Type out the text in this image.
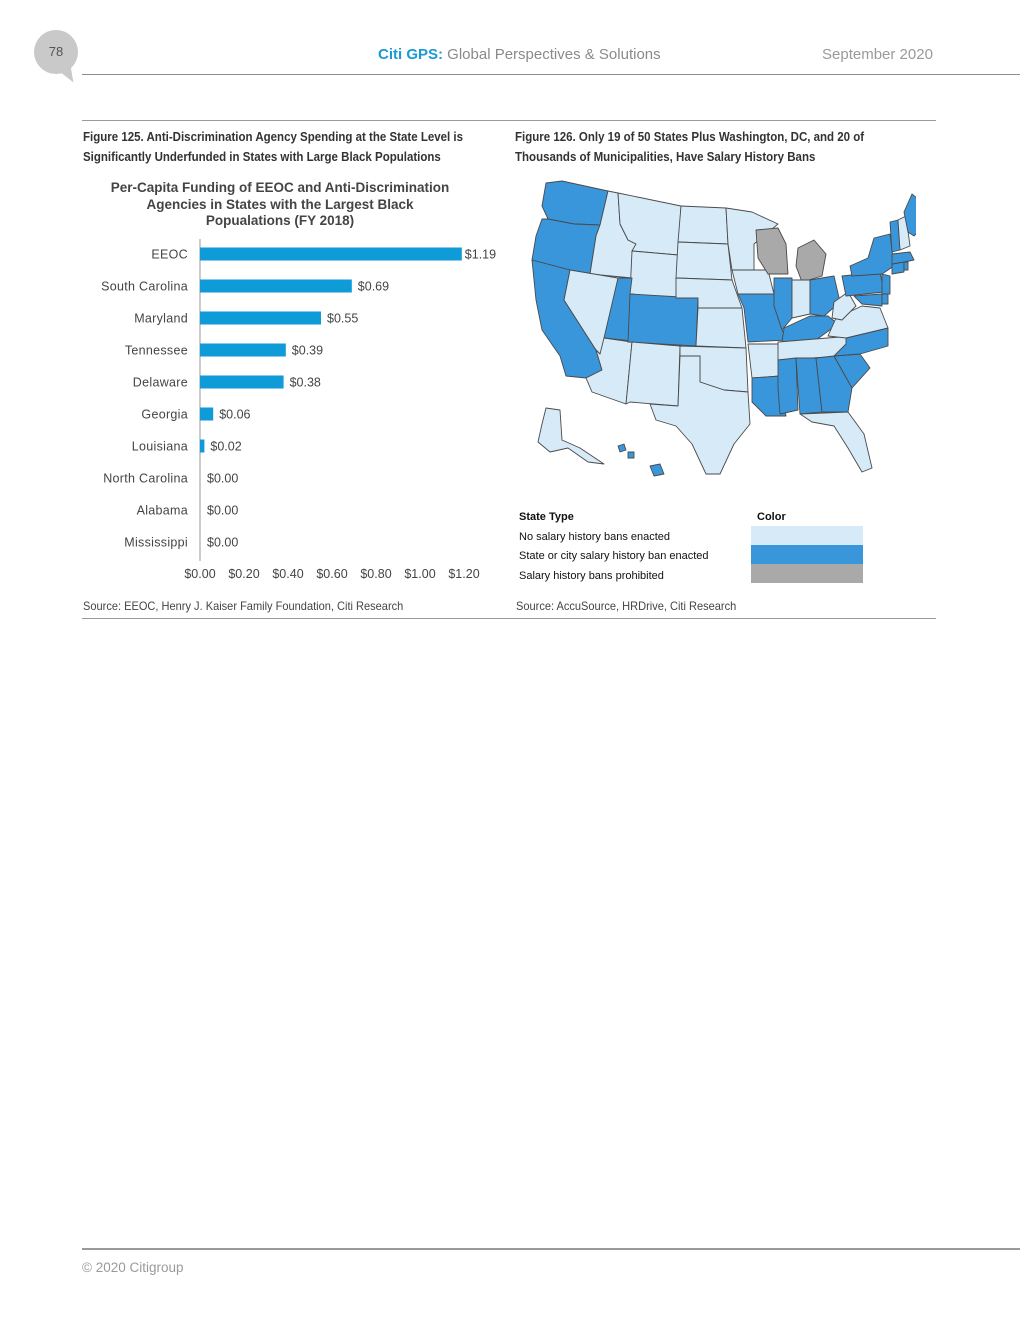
78	Citi GPS: Global Perspectives & Solutions	September 2020
Figure 125. Anti-Discrimination Agency Spending at the State Level is Significantly Underfunded in States with Large Black Populations
Figure 126. Only 19 of 50 States Plus Washington, DC, and 20 of Thousands of Municipalities, Have Salary History Bans
Per-Capita Funding of EEOC and Anti-Discrimination Agencies in States with the Largest Black Popualations (FY 2018)
EEOC	$1.19
South Carolina	$0.69
Maryland	$0.55
Tennessee	$0.39
Delaware	$0.38
Georgia $0.06
Louisiana $0.02
North Carolina $0.00
Alabama $0.00
Mississippi $0.00
$0.00 $0.20 $0.40 $0.60 $0.80 $1.00 $1.20
State Type	Color
No salary history bans enacted
State or city salary history ban enacted
Salary history bans prohibited
Source: EEOC, Henry J. Kaiser Family Foundation, Citi Research	Source: AccuSource, HRDrive, Citi Research
© 2020 Citigroup
